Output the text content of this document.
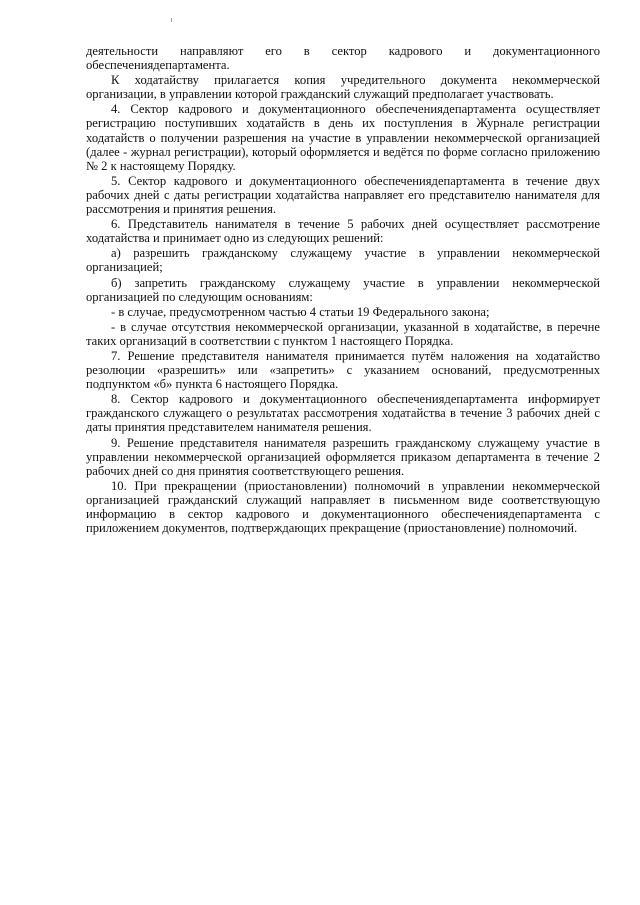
деятельности направляют его в сектор кадрового и документационного обеспечениядепартамента.

К ходатайству прилагается копия учредительного документа некоммерческой организации, в управлении которой гражданский служащий предполагает участвовать.

4. Сектор кадрового и документационного обеспечениядепартамента осуществляет регистрацию поступивших ходатайств в день их поступления в Журнале регистрации ходатайств о получении разрешения на участие в управлении некоммерческой организацией (далее - журнал регистрации), который оформляется и ведётся по форме согласно приложению № 2 к настоящему Порядку.

5. Сектор кадрового и документационного обеспечениядепартамента в течение двух рабочих дней с даты регистрации ходатайства направляет его представителю нанимателя для рассмотрения и принятия решения.

6. Представитель нанимателя в течение 5 рабочих дней осуществляет рассмотрение ходатайства и принимает одно из следующих решений:

а) разрешить гражданскому служащему участие в управлении некоммерческой организацией;

б) запретить гражданскому служащему участие в управлении некоммерческой организацией по следующим основаниям:

- в случае, предусмотренном частью 4 статьи 19 Федерального закона;

- в случае отсутствия некоммерческой организации, указанной в ходатайстве, в перечне таких организаций в соответствии с пунктом 1 настоящего Порядка.

7. Решение представителя нанимателя принимается путём наложения на ходатайство резолюции «разрешить» или «запретить» с указанием оснований, предусмотренных подпунктом «б» пункта 6 настоящего Порядка.

8. Сектор кадрового и документационного обеспечениядепартамента информирует гражданского служащего о результатах рассмотрения ходатайства в течение 3 рабочих дней с даты принятия представителем нанимателя решения.

9. Решение представителя нанимателя разрешить гражданскому служащему участие в управлении некоммерческой организацией оформляется приказом департамента в течение 2 рабочих дней со дня принятия соответствующего решения.

10. При прекращении (приостановлении) полномочий в управлении некоммерческой организацией гражданский служащий направляет в письменном виде соответствующую информацию в сектор кадрового и документационного обеспечениядепартамента с приложением документов, подтверждающих прекращение (приостановление) полномочий.
